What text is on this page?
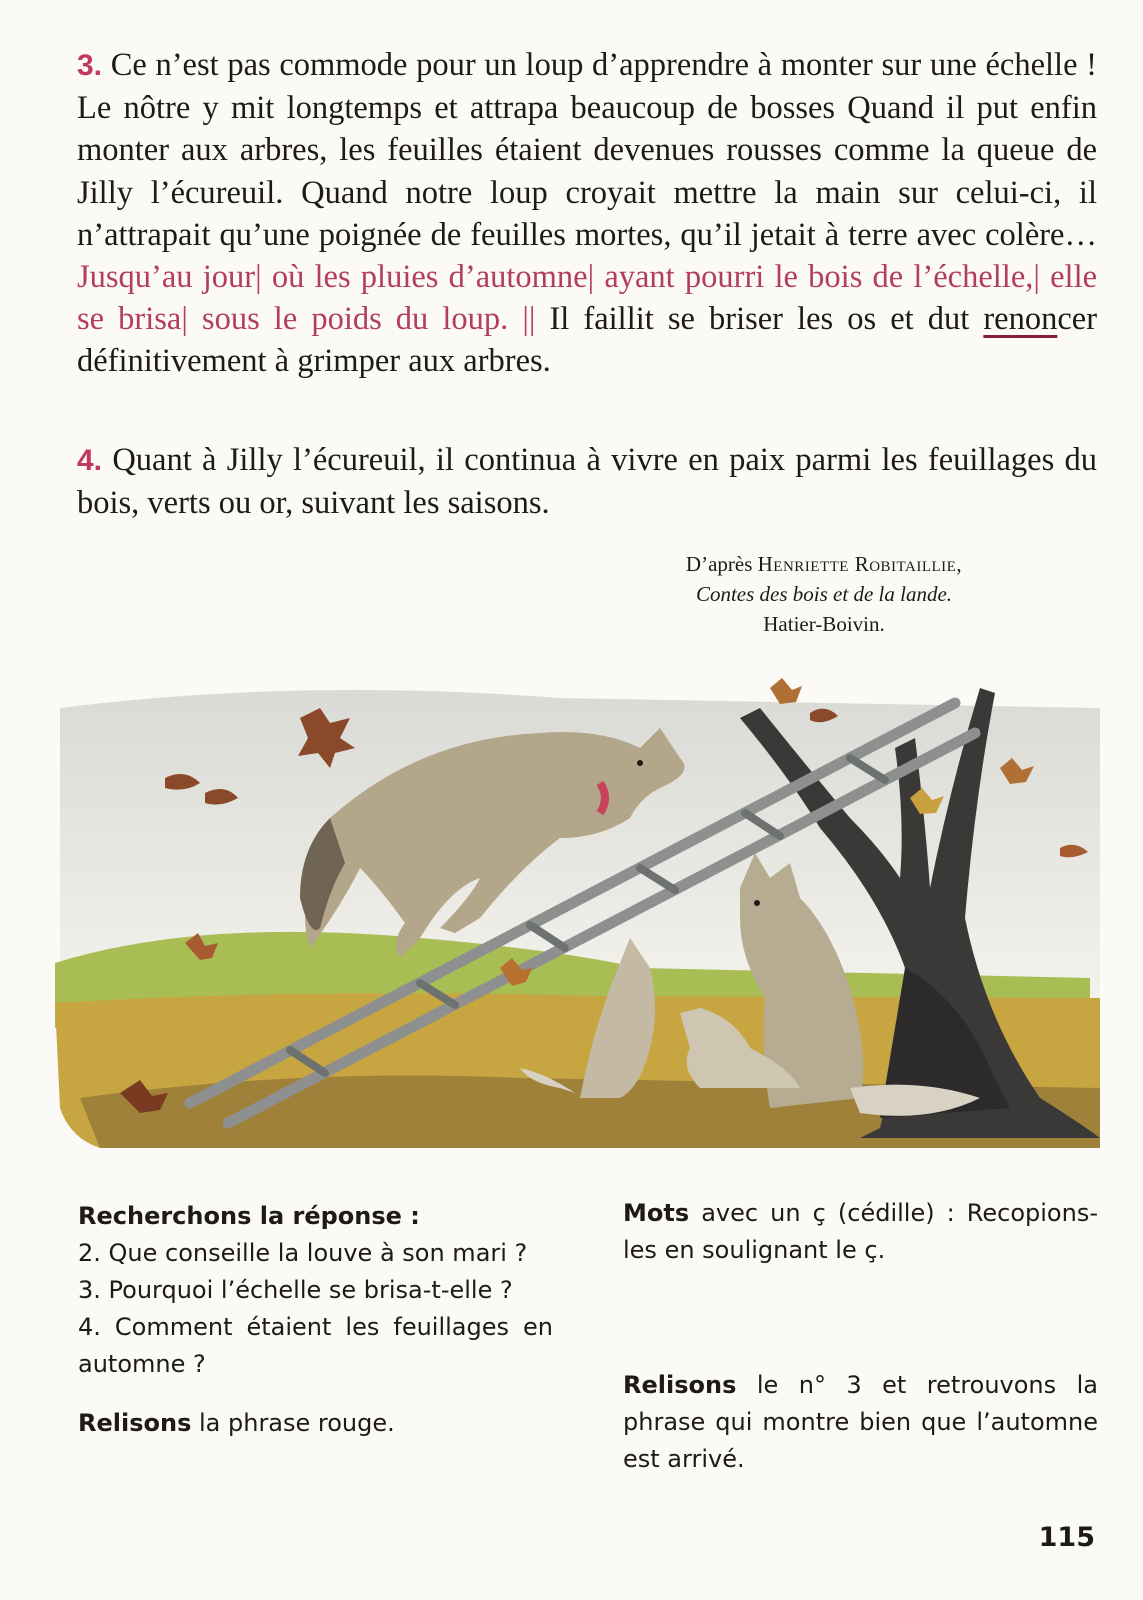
3. Ce n’est pas commode pour un loup d’apprendre à monter sur une échelle ! Le nôtre y mit longtemps et attrapa beaucoup de bosses Quand il put enfin monter aux arbres, les feuilles étaient devenues rousses comme la queue de Jilly l’écureuil. Quand notre loup croyait mettre la main sur celui-ci, il n’attrapait qu’une poignée de feuilles mortes, qu’il jetait à terre avec colère… Jusqu’au jour| où les pluies d’automne| ayant pourri le bois de l’échelle,| elle se brisa| sous le poids du loup. || Il faillit se briser les os et dut renoncer définitivement à grimper aux arbres.

4. Quant à Jilly l’écureuil, il continua à vivre en paix parmi les feuillages du bois, verts ou or, suivant les saisons.

D’après Henriette Robitaillie,
Contes des bois et de la lande.
Hatier-Boivin.

Recherchons la réponse :

2. Que conseille la louve à son mari ?

3. Pourquoi l’échelle se brisa-t-elle ?

4. Comment étaient les feuillages en automne ?

Relisons la phrase rouge.

Mots avec un ç (cédille) : Recopions-les en soulignant le ç.

Relisons le n° 3 et retrouvons la phrase qui montre bien que l’automne est arrivé.

115
